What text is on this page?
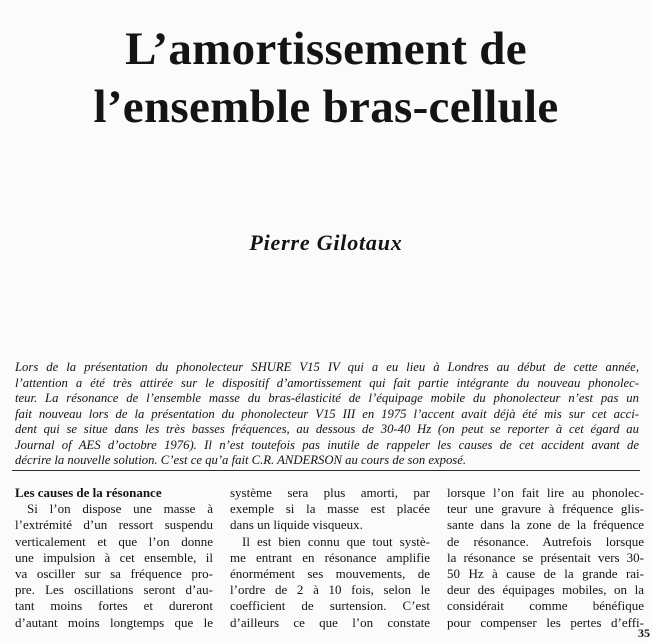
L’amortissement de
l’ensemble bras-cellule
Pierre Gilotaux
Lors de la présentation du phonolecteur SHURE V15 IV qui a eu lieu à Londres au début de cette année,
l’attention a été très attirée sur le dispositif d’amortissement qui fait partie intégrante du nouveau phonolec-
teur. La résonance de l’ensemble masse du bras-élasticité de l’équipage mobile du phonolecteur n’est pas un
fait nouveau lors de la présentation du phonolecteur V15 III en 1975 l’accent avait déjà été mis sur cet acci-
dent qui se situe dans les très basses fréquences, au dessous de 30-40 Hz (on peut se reporter à cet égard au
Journal of AES d’octobre 1976). Il n’est toutefois pas inutile de rappeler les causes de cet accident avant de
décrire la nouvelle solution. C’est ce qu’a fait C.R. ANDERSON au cours de son exposé.
Les causes de la résonance
Si l’on dispose une masse à
l’extrémité d’un ressort suspendu
verticalement et que l’on donne
une impulsion à cet ensemble, il
va osciller sur sa fréquence pro-
pre. Les oscillations seront d’au-
tant moins fortes et dureront
d’autant moins longtemps que le
système sera plus amorti, par
exemple si la masse est placée
dans un liquide visqueux.
Il est bien connu que tout systè-
me entrant en résonance amplifie
énormément ses mouvements, de
l’ordre de 2 à 10 fois, selon le
coefficient de surtension. C’est
d’ailleurs ce que l’on constate
lorsque l’on fait lire au phonolec-
teur une gravure à fréquence glis-
sante dans la zone de la fréquence
de résonance. Autrefois lorsque
la résonance se présentait vers 30-
50 Hz à cause de la grande rai-
deur des équipages mobiles, on la
considérait comme bénéfique
pour compenser les pertes d’effi-
35
